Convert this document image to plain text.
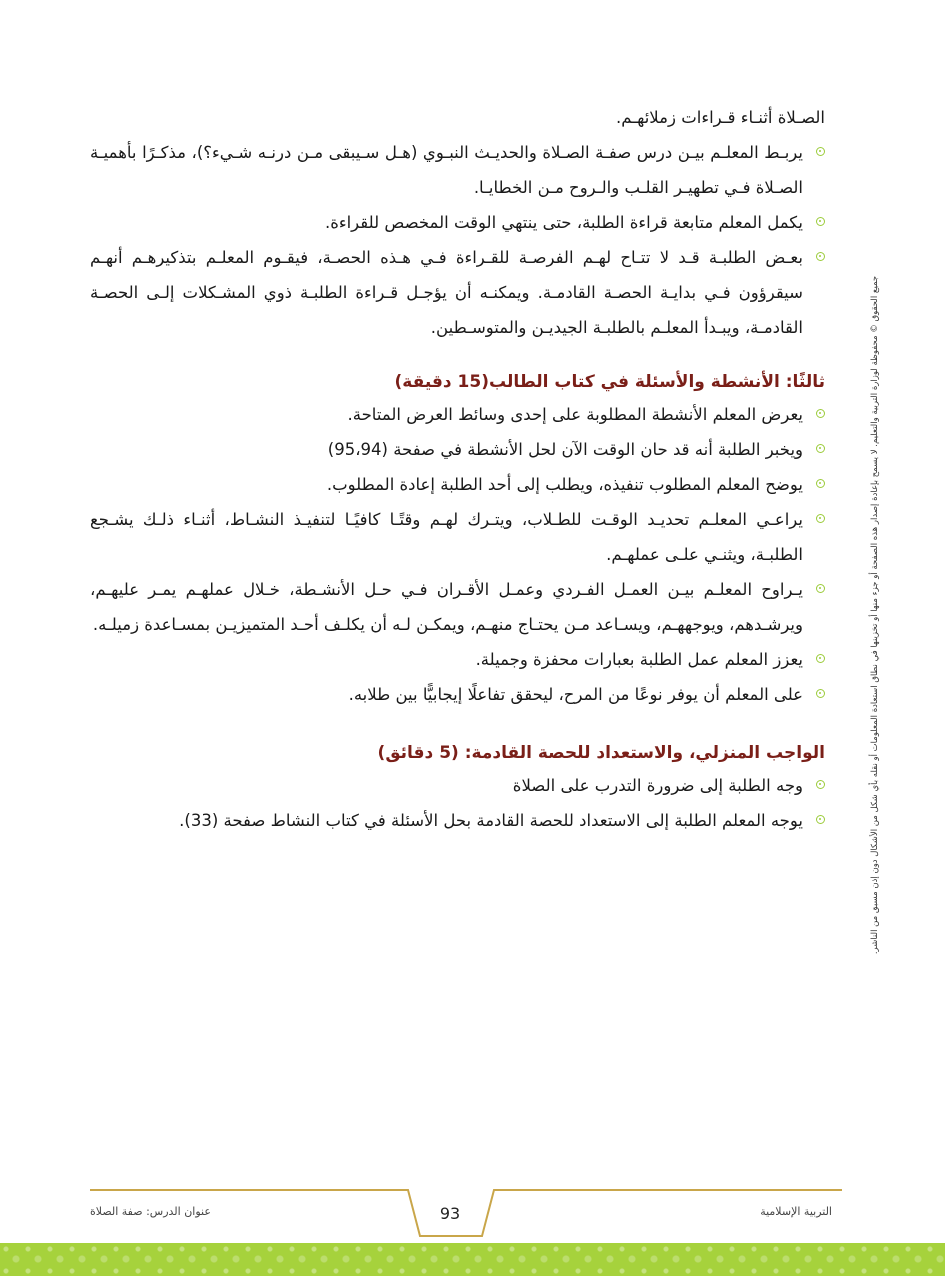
الصـلاة أثنـاء قـراءات زملائهـم.

يربـط المعلـم بيـن درس صفـة الصـلاة والحديـث النبـوي (هـل سـيبقى مـن درنـه شـيء؟)، مذكـرًا بأهميـة الصـلاة فـي تطهيـر القلـب والـروح مـن الخطايـا.

يكمل المعلم متابعة قراءة الطلبة، حتى ينتهي الوقت المخصص للقراءة.

بعـض الطلبـة قـد لا تتـاح لهـم الفرصـة للقـراءة فـي هـذه الحصـة، فيقـوم المعلـم بتذكيرهـم أنهـم سيقرؤون فـي بدايـة الحصـة القادمـة. ويمكنـه أن يؤجـل قـراءة الطلبـة ذوي المشـكلات إلـى الحصـة القادمـة، ويبـدأ المعلـم بالطلبـة الجيديـن والمتوسـطين.

ثالثًا: الأنشطة والأسئلة في كتاب الطالب(15 دقيقة)

يعرض المعلم الأنشطة المطلوبة على إحدى وسائط العرض المتاحة.

ويخبر الطلبة أنه قد حان الوقت الآن لحل الأنشطة في صفحة (95،94)

يوضح المعلم المطلوب تنفيذه، ويطلب إلى أحد الطلبة إعادة المطلوب.

يراعـي المعلـم تحديـد الوقـت للطـلاب، ويتـرك لهـم وقتًـا كافيًـا لتنفيـذ النشـاط، أثنـاء ذلـك يشـجع الطلبـة، ويثنـي علـى عملهـم.

يـراوح المعلـم بيـن العمـل الفـردي وعمـل الأقـران فـي حـل الأنشـطة، خـلال عملهـم يمـر عليهـم، ويرشـدهم، ويوجههـم، ويسـاعد مـن يحتـاج منهـم، ويمكـن لـه أن يكلـف أحـد المتميزيـن بمسـاعدة زميلـه.

يعزز المعلم عمل الطلبة بعبارات محفزة وجميلة.

على المعلم أن يوفر نوعًا من المرح، ليحقق تفاعلًا إيجابيًّا بين طلابه.

الواجب المنزلي، والاستعداد للحصة القادمة: (5 دقائق)

وجه الطلبة إلى ضرورة التدرب على الصلاة

يوجه المعلم الطلبة إلى الاستعداد للحصة القادمة بحل الأسئلة في كتاب النشاط صفحة (33).	جميع الحقوق © محفوظة لوزارة التربية والتعليم. لا يسمح بإعادة إصدار هذه الصفحة أو جزء منها أو تخزينها في نطاق استعادة المعلومات أو نقله بأي شكل من الأشكال دون إذن مسبق من الناشر.
التربية الإسلامية
93
عنوان الدرس: صفة الصلاة
